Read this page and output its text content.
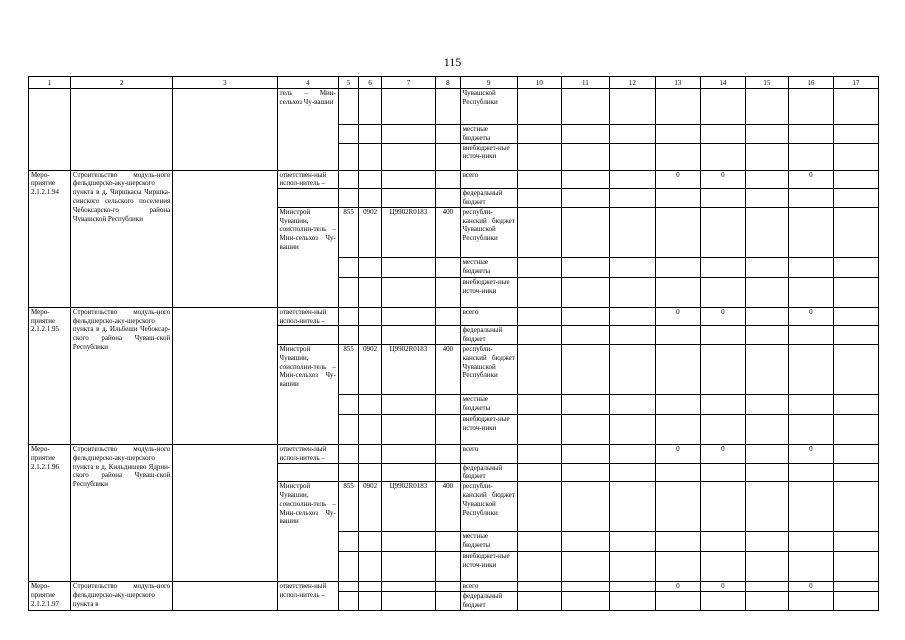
115
1	2	3	4	5	6	7	8	9	10	11	12	13	14	15	16	17
			тель – Мин-сельхоз Чу-вашии					Чувашской Республики								
								местные бюджеты								
								внебюджет-ные источ-ники								
Меро-приятие 2.1.2.1.94	Строительство модуль-ного фельдшерско-аку-шерского пункта в д. Чиршкасы Чиршка-синского сельского поселения Чебоксарско-го района Чувашской Республики		ответствен-ный испол-нитель –					всего				0	0		0	
								федеральный бюджет								
			Минстрой Чувашии, соисполни-тель – Мин-сельхоз Чу-вашии	855	0902	Ц9902R0183	400	республи-канский бюджет Чувашской Республики								
								местные бюджеты								
								внебюджет-ные источ-ники								
Меро-приятие 2.1.2.1.95	Строительство модуль-ного фельдшерско-аку-шерского пункта в д. Ильбеши Чебоксар-ского района Чуваш-ской Республики		ответствен-ный испол-нитель –					всего				0	0		0	
								федеральный бюджет								
			Минстрой Чувашии, соисполни-тель – Мин-сельхоз Чу-вашии	855	0902	Ц9902R0183	400	республи-канский бюджет Чувашской Республики								
								местные бюджеты								
								внебюджет-ные источ-ники								
Меро-приятие 2.1.2.1.96	Строительство модуль-ного фельдшерско-аку-шерского пункта в д. Кильдишево Ядрин-ского района Чуваш-ской Республики		ответствен-ный испол-нитель –					всего				0	0		0	
								федеральный бюджет								
			Минстрой Чувашии, соисполни-тель – Мин-сельхоз Чу-вашии	855	0902	Ц9902R0183	400	республи-канский бюджет Чувашской Республики								
								местные бюджеты								
								внебюджет-ные источ-ники								
Меро-приятие 2.1.2.1.97	Строительство модуль-ного фельдшерско-аку-шерского пункта в		ответствен-ный испол-нитель –					всего				0	0		0	
								федеральный бюджет								
